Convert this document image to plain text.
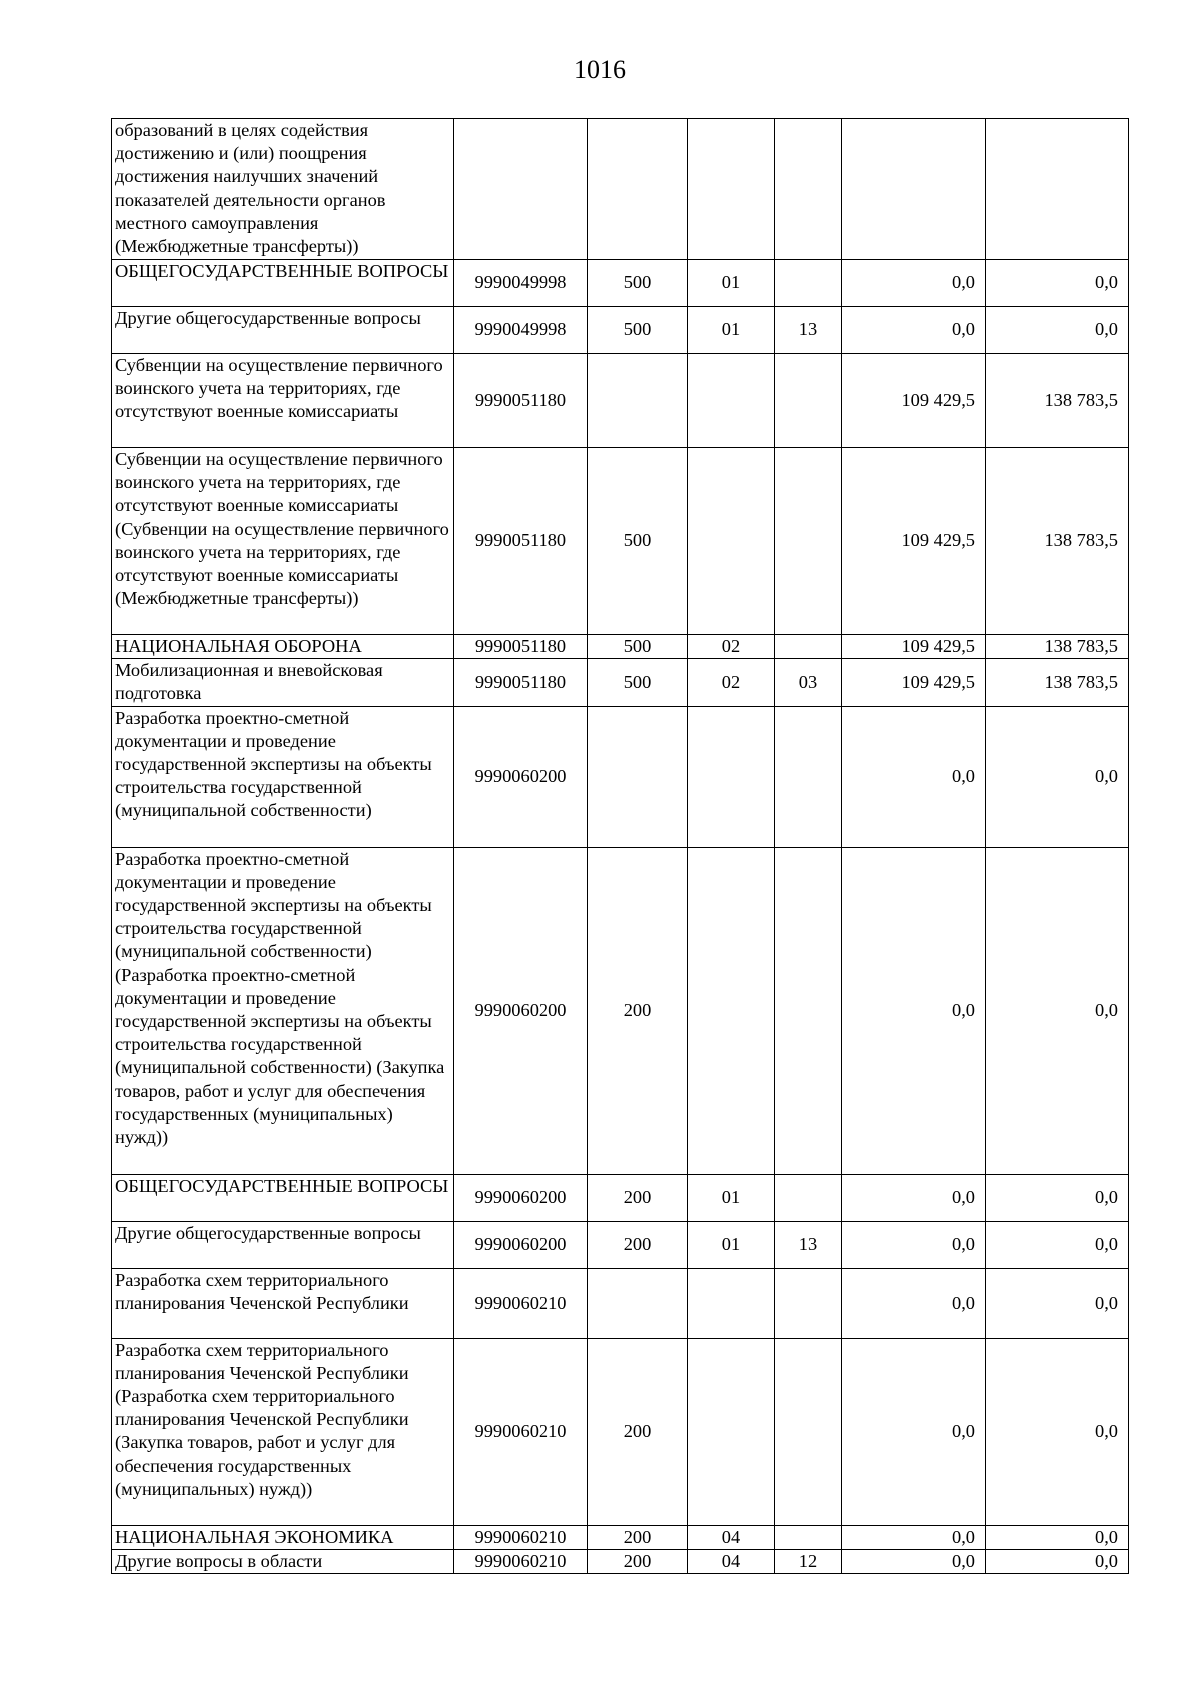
1016
образований в целях содействия достижению и (или) поощрения достижения наилучших значений показателей деятельности органов местного самоуправления (Межбюджетные трансферты))						
ОБЩЕГОСУДАРСТВЕННЫЕ ВОПРОСЫ	9990049998	500	01		0,0	0,0
Другие общегосударственные вопросы	9990049998	500	01	13	0,0	0,0
Субвенции на осуществление первичного воинского учета на территориях, где отсутствуют военные комиссариаты	9990051180				109 429,5	138 783,5
Субвенции на осуществление первичного воинского учета на территориях, где отсутствуют военные комиссариаты (Субвенции на осуществление первичного воинского учета на территориях, где отсутствуют военные комиссариаты (Межбюджетные трансферты))	9990051180	500			109 429,5	138 783,5
НАЦИОНАЛЬНАЯ ОБОРОНА	9990051180	500	02		109 429,5	138 783,5
Мобилизационная и вневойсковая подготовка	9990051180	500	02	03	109 429,5	138 783,5
Разработка проектно-сметной документации и проведение государственной экспертизы на объекты строительства государственной (муниципальной собственности)	9990060200				0,0	0,0
Разработка проектно-сметной документации и проведение государственной экспертизы на объекты строительства государственной (муниципальной собственности) (Разработка проектно-сметной документации и проведение государственной экспертизы на объекты строительства государственной (муниципальной собственности) (Закупка товаров, работ и услуг для обеспечения государственных (муниципальных) нужд))	9990060200	200			0,0	0,0
ОБЩЕГОСУДАРСТВЕННЫЕ ВОПРОСЫ	9990060200	200	01		0,0	0,0
Другие общегосударственные вопросы	9990060200	200	01	13	0,0	0,0
Разработка схем территориального планирования Чеченской Республики	9990060210				0,0	0,0
Разработка схем территориального планирования Чеченской Республики (Разработка схем территориального планирования Чеченской Республики (Закупка товаров, работ и услуг для обеспечения государственных (муниципальных) нужд))	9990060210	200			0,0	0,0
НАЦИОНАЛЬНАЯ ЭКОНОМИКА	9990060210	200	04		0,0	0,0
Другие вопросы в области	9990060210	200	04	12	0,0	0,0
